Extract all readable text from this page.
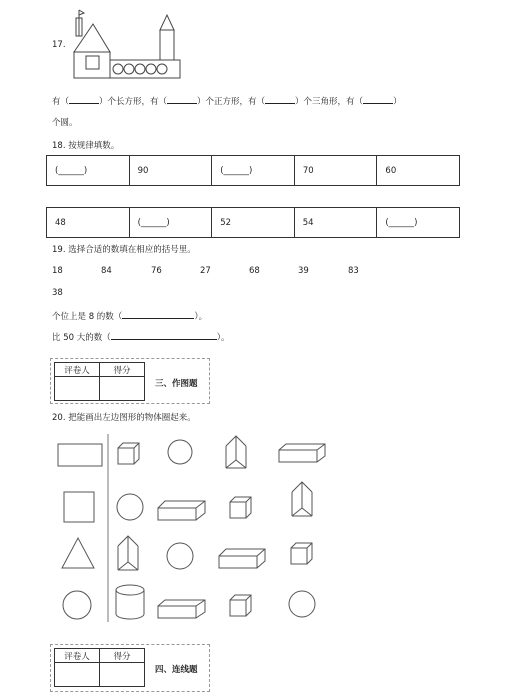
17.
有（	）个长方形，有（	）个正方形，有（	）个三角形，有（	）
个圆。
18. 按规律填数。
(______)	90	(______)	70	60
48	(______)	52	54	(______)
19. 选择合适的数填在相应的括号里。
18	84	76	27	68	39	83
38
个位上是 8 的数（	）。
比 50 大的数（	）。
评卷人	得分

三、作图题
20. 把能画出左边图形的物体圈起来。
评卷人	得分

四、连线题
